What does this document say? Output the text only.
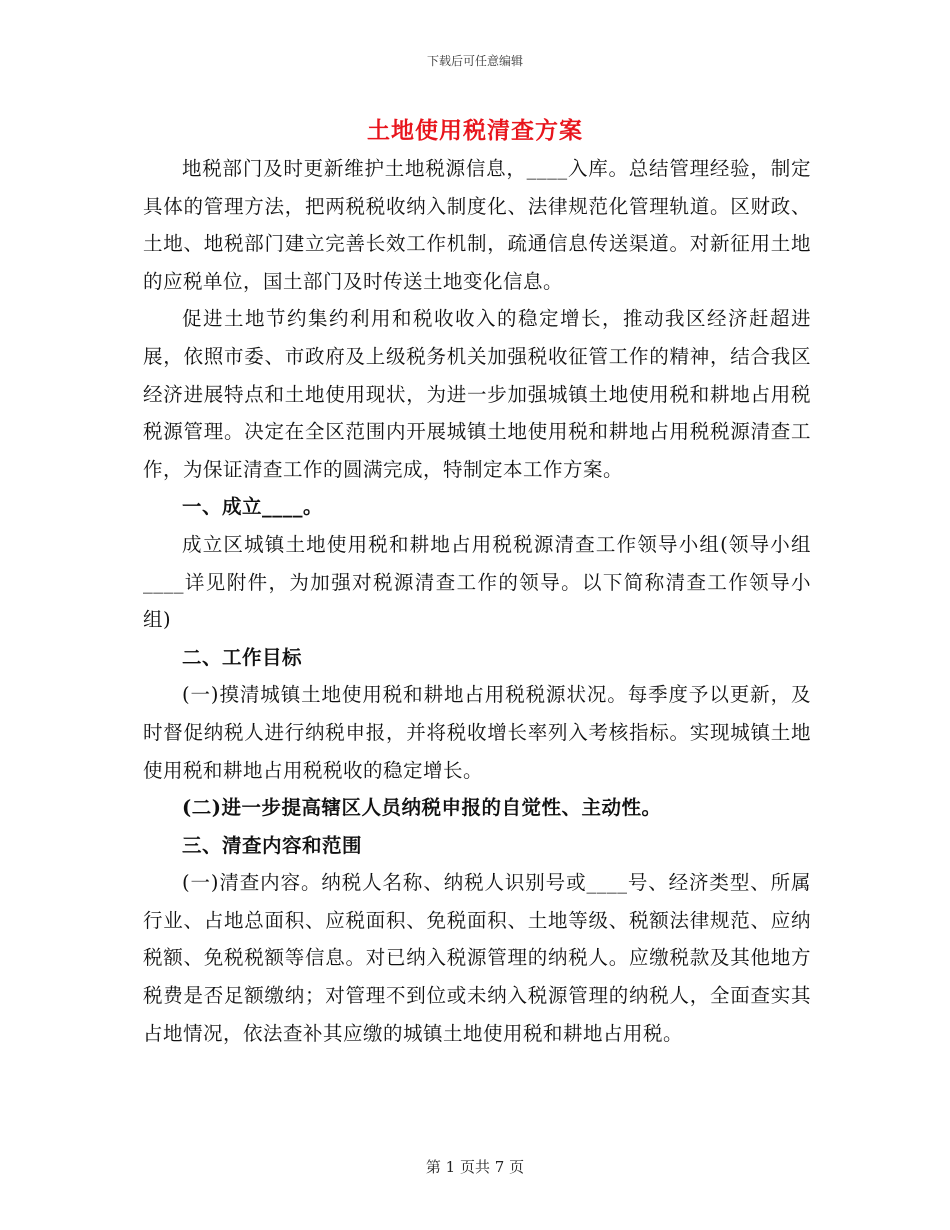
下载后可任意编辑
土地使用税清查方案

地税部门及时更新维护土地税源信息，____入库。总结管理经验，制定具体的管理方法，把两税税收纳入制度化、法律规范化管理轨道。区财政、土地、地税部门建立完善长效工作机制，疏通信息传送渠道。对新征用土地的应税单位，国土部门及时传送土地变化信息。

促进土地节约集约利用和税收收入的稳定增长，推动我区经济赶超进展，依照市委、市政府及上级税务机关加强税收征管工作的精神，结合我区经济进展特点和土地使用现状，为进一步加强城镇土地使用税和耕地占用税税源管理。决定在全区范围内开展城镇土地使用税和耕地占用税税源清查工作，为保证清查工作的圆满完成，特制定本工作方案。

一、成立____。

成立区城镇土地使用税和耕地占用税税源清查工作领导小组(领导小组____详见附件，为加强对税源清查工作的领导。以下简称清查工作领导小组)

二、工作目标

(一)摸清城镇土地使用税和耕地占用税税源状况。每季度予以更新，及时督促纳税人进行纳税申报，并将税收增长率列入考核指标。实现城镇土地使用税和耕地占用税税收的稳定增长。

(二)进一步提高辖区人员纳税申报的自觉性、主动性。

三、清查内容和范围

(一)清查内容。纳税人名称、纳税人识别号或____号、经济类型、所属行业、占地总面积、应税面积、免税面积、土地等级、税额法律规范、应纳税额、免税税额等信息。对已纳入税源管理的纳税人。应缴税款及其他地方税费是否足额缴纳；对管理不到位或未纳入税源管理的纳税人，全面查实其占地情况，依法查补其应缴的城镇土地使用税和耕地占用税。

第 1 页共 7 页
